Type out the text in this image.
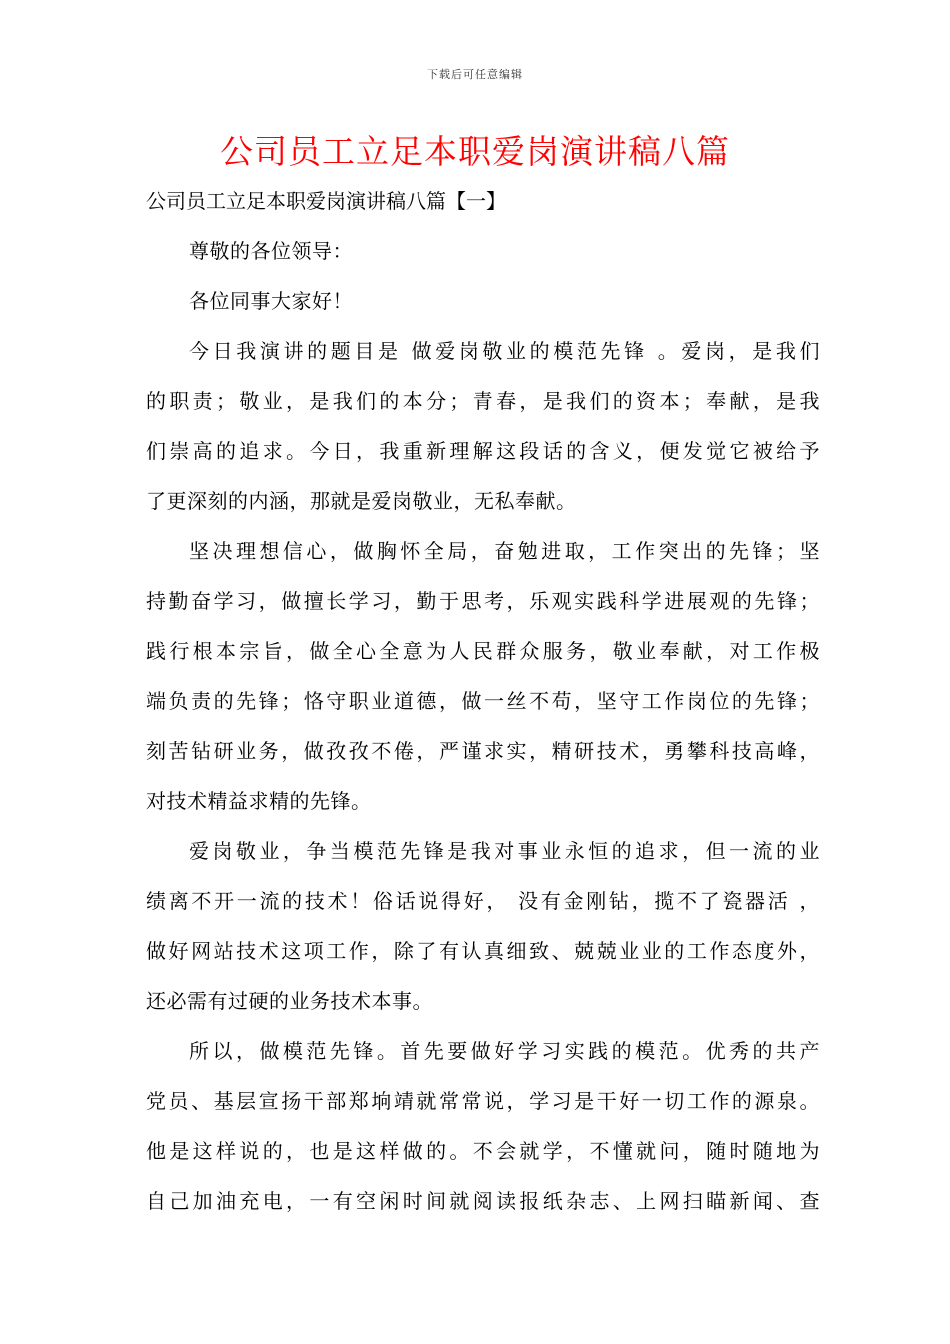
下载后可任意编辑
公司员工立足本职爱岗演讲稿八篇
公司员工立足本职爱岗演讲稿八篇【一】
尊敬的各位领导：
各位同事大家好！
今日我演讲的题目是 做爱岗敬业的模范先锋 。爱岗，是我们
的职责；敬业，是我们的本分；青春，是我们的资本；奉献，是我
们崇高的追求。今日，我重新理解这段话的含义，便发觉它被给予
了更深刻的内涵，那就是爱岗敬业，无私奉献。
坚决理想信心，做胸怀全局，奋勉进取，工作突出的先锋；坚
持勤奋学习，做擅长学习，勤于思考，乐观实践科学进展观的先锋；
践行根本宗旨，做全心全意为人民群众服务，敬业奉献，对工作极
端负责的先锋；恪守职业道德，做一丝不苟，坚守工作岗位的先锋；
刻苦钻研业务，做孜孜不倦，严谨求实，精研技术，勇攀科技高峰，
对技术精益求精的先锋。
爱岗敬业，争当模范先锋是我对事业永恒的追求，但一流的业
绩离不开一流的技术！俗话说得好， 没有金刚钻，揽不了瓷器活 ，
做好网站技术这项工作，除了有认真细致、兢兢业业的工作态度外，
还必需有过硬的业务技术本事。
所以，做模范先锋。首先要做好学习实践的模范。优秀的共产
党员、基层宣扬干部郑垧靖就常常说，学习是干好一切工作的源泉。
他是这样说的，也是这样做的。不会就学，不懂就问，随时随地为
自己加油充电，一有空闲时间就阅读报纸杂志、上网扫瞄新闻、查
